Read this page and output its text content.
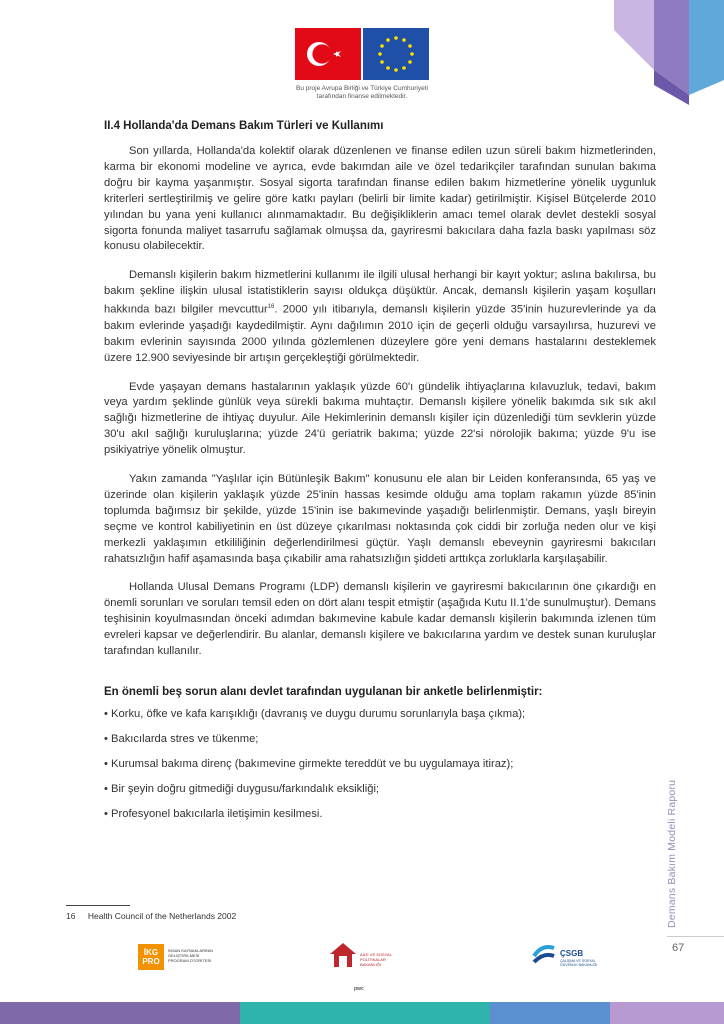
Bu proje Avrupa Birliği ve Türkiye Cumhuriyeti
tarafından finanse edilmektedir.
II.4 Hollanda'da Demans Bakım Türleri ve Kullanımı

Son yıllarda, Hollanda'da kolektif olarak düzenlenen ve finanse edilen uzun süreli bakım hizmetlerinden, karma bir ekonomi modeline ve ayrıca, evde bakımdan aile ve özel tedarikçiler tarafından sunulan bakıma doğru bir kayma yaşanmıştır. Sosyal sigorta tarafından finanse edilen bakım hizmetlerine yönelik uygunluk kriterleri sertleştirilmiş ve gelire göre katkı payları (belirli bir limite kadar) getirilmiştir. Kişisel Bütçelerde 2010 yılından bu yana yeni kullanıcı alınmamaktadır. Bu değişikliklerin amacı temel olarak devlet destekli sosyal sigorta fonunda maliyet tasarrufu sağlamak olmuşsa da, gayriresmi bakıcılara daha fazla baskı yapılması söz konusu olabilecektir.

Demanslı kişilerin bakım hizmetlerini kullanımı ile ilgili ulusal herhangi bir kayıt yoktur; aslına bakılırsa, bu bakım şekline ilişkin ulusal istatistiklerin sayısı oldukça düşüktür. Ancak, demanslı kişilerin yaşam koşulları hakkında bazı bilgiler mevcuttur$^{16}$. 2000 yılı itibarıyla, demanslı kişilerin yüzde 35'inin huzurevlerinde ya da bakım evlerinde yaşadığı kaydedilmiştir. Aynı dağılımın 2010 için de geçerli olduğu varsayılırsa, huzurevi ve bakım evlerinin sayısında 2000 yılında gözlemlenen düzeylere göre yeni demans hastalarını desteklemek üzere 12.900 seviyesinde bir artışın gerçekleştiği görülmektedir.

Evde yaşayan demans hastalarının yaklaşık yüzde 60'ı gündelik ihtiyaçlarına kılavuzluk, tedavi, bakım veya yardım şeklinde günlük veya sürekli bakıma muhtaçtır. Demanslı kişilere yönelik bakımda sık sık akıl sağlığı hizmetlerine de ihtiyaç duyulur. Aile Hekimlerinin demanslı kişiler için düzenlediği tüm sevklerin yüzde 30'u akıl sağlığı kuruluşlarına; yüzde 24'ü geriatrik bakıma; yüzde 22'si nörolojik bakıma; yüzde 9'u ise psikiyatriye yönelik olmuştur.

Yakın zamanda "Yaşlılar için Bütünleşik Bakım" konusunu ele alan bir Leiden konferansında, 65 yaş ve üzerinde olan kişilerin yaklaşık yüzde 25'inin hassas kesimde olduğu ama toplam rakamın yüzde 85'inin toplumda bağımsız bir şekilde, yüzde 15'inin ise bakımevinde yaşadığı belirlenmiştir. Demans, yaşlı bireyin seçme ve kontrol kabiliyetinin en üst düzeye çıkarılması noktasında çok ciddi bir zorluğa neden olur ve kişi merkezli yaklaşımın etkililiğinin değerlendirilmesi güçtür. Yaşlı demanslı ebeveynin gayriresmi bakıcıları rahatsızlığın hafif aşamasında başa çıkabilir ama rahatsızlığın şiddeti arttıkça zorluklarla karşılaşabilir.

Hollanda Ulusal Demans Programı (LDP) demanslı kişilerin ve gayriresmi bakıcılarının öne çıkardığı en önemli sorunları ve soruları temsil eden on dört alanı tespit etmiştir (aşağıda Kutu II.1'de sunulmuştur). Demans teşhisinin koyulmasından önceki adımdan bakımevine kabule kadar demanslı kişilerin bakımında izlenen tüm evreleri kapsar ve değerlendirir. Bu alanlar, demanslı kişilere ve bakıcılarına yardım ve destek sunan kuruluşlar tarafından kullanılır.

En önemli beş sorun alanı devlet tarafından uygulanan bir anketle belirlenmiştir:
• Korku, öfke ve kafa karışıklığı (davranış ve duygu durumu sorunlarıyla başa çıkma);
• Bakıcılarda stres ve tükenme;
• Kurumsal bakıma direnç (bakımevine girmekte tereddüt ve bu uygulamaya itiraz);
• Bir şeyin doğru gitmediği duygusu/farkındalık eksikliği;
• Profesyonel bakıcılarla iletişimin kesilmesi.
16 Health Council of the Netherlands 2002	Demans Bakım Modeli Raporu
67
İKG PRO
İNSAN KAYNAKLARININ GELİŞTİRİLMESİ PROGRAM OTORİTESİ
AİLE VE SOSYAL POLİTİKALAR BAKANLIĞI
pwc
ÇSGB
ÇALIŞMA VE SOSYAL GÜVENLİK BAKANLIĞI
